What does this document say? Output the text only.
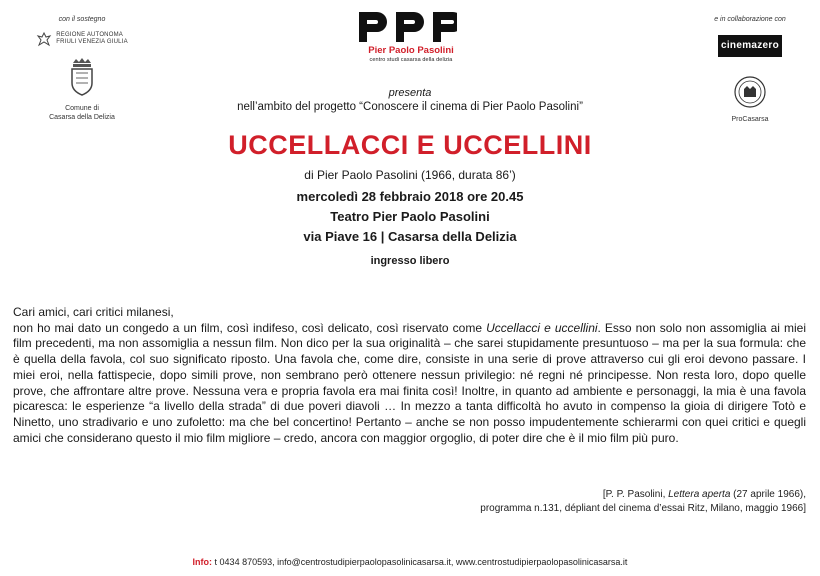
con il sostegno
REGIONE AUTONOMA
FRIULI VENEZIA GIULIA
Comune di
Casarsa della Delizia
Pier Paolo Pasolini
centro studi casarsa della delizia
e in collaborazione con
cinemazero
ProCasarsa
presenta
nell’ambito del progetto “Conoscere il cinema di Pier Paolo Pasolini”
UCCELLACCI E UCCELLINI
di Pier Paolo Pasolini (1966, durata 86’)
mercoledì 28 febbraio 2018 ore 20.45
Teatro Pier Paolo Pasolini
via Piave 16 | Casarsa della Delizia
ingresso libero

Cari amici, cari critici milanesi,

non ho mai dato un congedo a un film, così indifeso, così delicato, così riservato come Uccellacci e uccellini. Esso non solo non assomiglia ai miei film precedenti, ma non assomiglia a nessun film. Non dico per la sua originalità – che sarei stupidamente presuntuoso – ma per la sua formula: che è quella della favola, col suo significato riposto. Una favola che, come dire, consiste in una serie di prove attraverso cui gli eroi devono passare. I miei eroi, nella fattispecie, dopo simili prove, non sembrano però ottenere nessun privilegio: né regni né principesse. Non resta loro, dopo quelle prove, che affrontare altre prove. Nessuna vera e propria favola era mai finita così! Inoltre, in quanto ad ambiente e personaggi, la mia è una favola picaresca: le esperienze “a livello della strada” di due poveri diavoli … In mezzo a tanta difficoltà ho avuto in compenso la gioia di dirigere Totò e Ninetto, uno stradivario e uno zufoletto: ma che bel concertino! Pertanto – anche se non posso impudentemente schierarmi con quei critici e quegli amici che considerano questo il mio film migliore – credo, ancora con maggior orgoglio, di poter dire che è il mio film più puro.

[P. P. Pasolini, Lettera aperta (27 aprile 1966),
programma n.131, dépliant del cinema d’essai Ritz, Milano, maggio 1966]
Info: t 0434 870593, info@centrostudipierpaolopasolinicasarsa.it, www.centrostudipierpaolopasolinicasarsa.it
